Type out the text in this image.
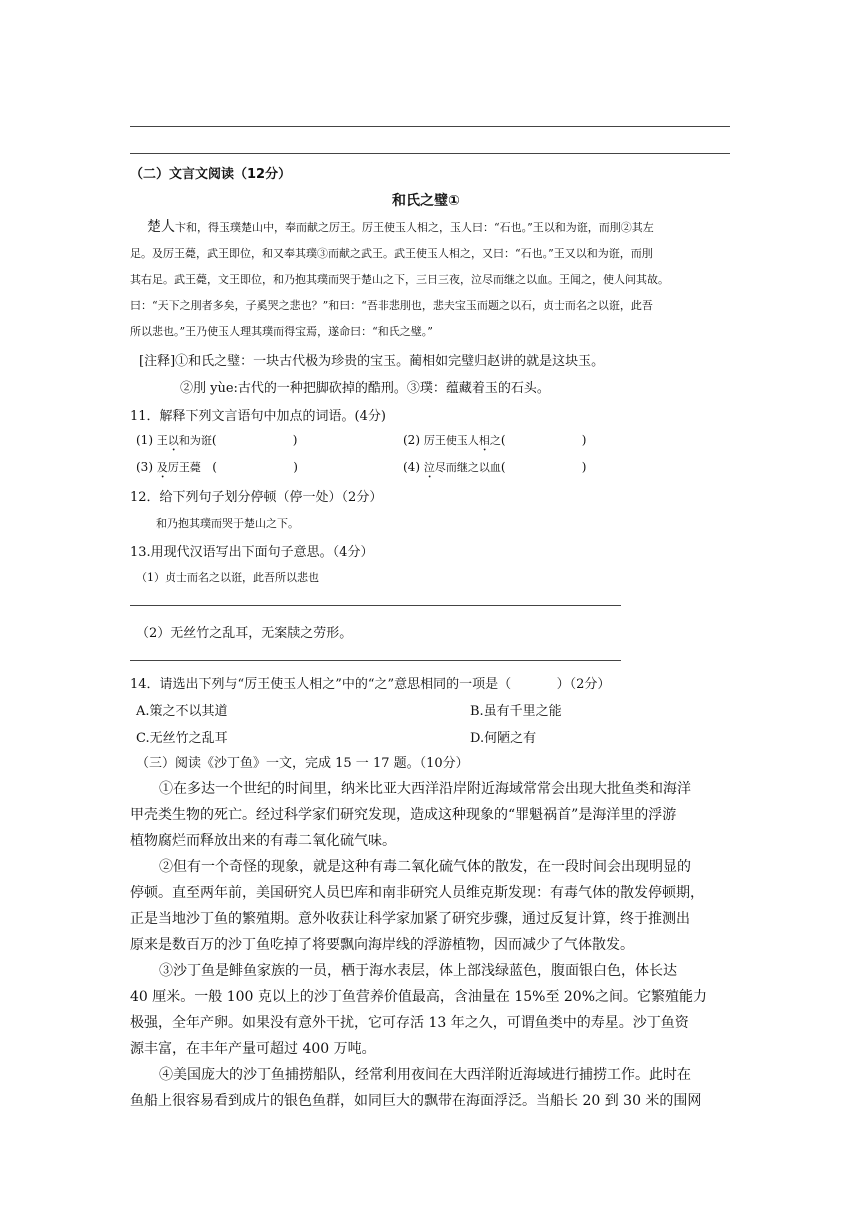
（二）文言文阅读（12分）
和氏之璧①
楚人卞和，得玉璞楚山中，奉而献之厉王。厉王使玉人相之，玉人曰：“石也。”王以和为诳，而刖②其左
足。及厉王薨，武王即位，和又奉其璞③而献之武王。武王使玉人相之，又曰：“石也。”王又以和为诳，而刖
其右足。武王薨，文王即位，和乃抱其璞而哭于楚山之下，三日三夜，泣尽而继之以血。王闻之，使人问其故。
曰：“天下之刖者多矣，子奚哭之悲也？”和曰：“吾非悲刖也，悲夫宝玉而题之以石，贞士而名之以诳，此吾
所以悲也。”王乃使玉人理其璞而得宝焉，遂命曰：“和氏之璧。”
[注释]①和氏之璧：一块古代极为珍贵的宝玉。蔺相如完璧归赵讲的就是这块玉。
②刖 yùe:古代的一种把脚砍掉的酷刑。③璞：蕴藏着玉的石头。
11．解释下列文言语句中加点的词语。(4分)
(1) 王以和为诳(                    )	(2) 厉王使玉人相之(                    )
(3) 及厉王薨 (                    )	(4) 泣尽而继之以血(                    )
12．给下列句子划分停顿（停一处）（2分）
和乃抱其璞而哭于楚山之下。
13.用现代汉语写出下面句子意思。（4分）
（1）贞士而名之以诳，此吾所以悲也
（2）无丝竹之乱耳，无案牍之劳形。
14．请选出下列与“厉王使玉人相之”中的“之”意思相同的一项是（           ）（2分）
A.策之不以其道	B.虽有千里之能
C.无丝竹之乱耳	D.何陋之有
（三）阅读《沙丁鱼》一文，完成 15 一 17 题。（10分）
①在多达一个世纪的时间里，纳米比亚大西洋沿岸附近海域常常会出现大批鱼类和海洋
甲壳类生物的死亡。经过科学家们研究发现，造成这种现象的“罪魁祸首”是海洋里的浮游
植物腐烂而释放出来的有毒二氧化硫气味。
②但有一个奇怪的现象，就是这种有毒二氧化硫气体的散发，在一段时间会出现明显的
停顿。直至两年前，美国研究人员巴库和南非研究人员维克斯发现：有毒气体的散发停顿期，
正是当地沙丁鱼的繁殖期。意外收获让科学家加紧了研究步骤，通过反复计算，终于推测出
原来是数百万的沙丁鱼吃掉了将要飘向海岸线的浮游植物，因而减少了气体散发。
③沙丁鱼是鲱鱼家族的一员，栖于海水表层，体上部浅绿蓝色，腹面银白色，体长达
40 厘米。一般 100 克以上的沙丁鱼营养价值最高，含油量在 15%至 20%之间。它繁殖能力
极强，全年产卵。如果没有意外干扰，它可存活 13 年之久，可谓鱼类中的寿星。沙丁鱼资
源丰富，在丰年产量可超过 400 万吨。
④美国庞大的沙丁鱼捕捞船队，经常利用夜间在大西洋附近海域进行捕捞工作。此时在
鱼船上很容易看到成片的银色鱼群，如同巨大的飘带在海面浮泛。当船长 20 到 30 米的围网
